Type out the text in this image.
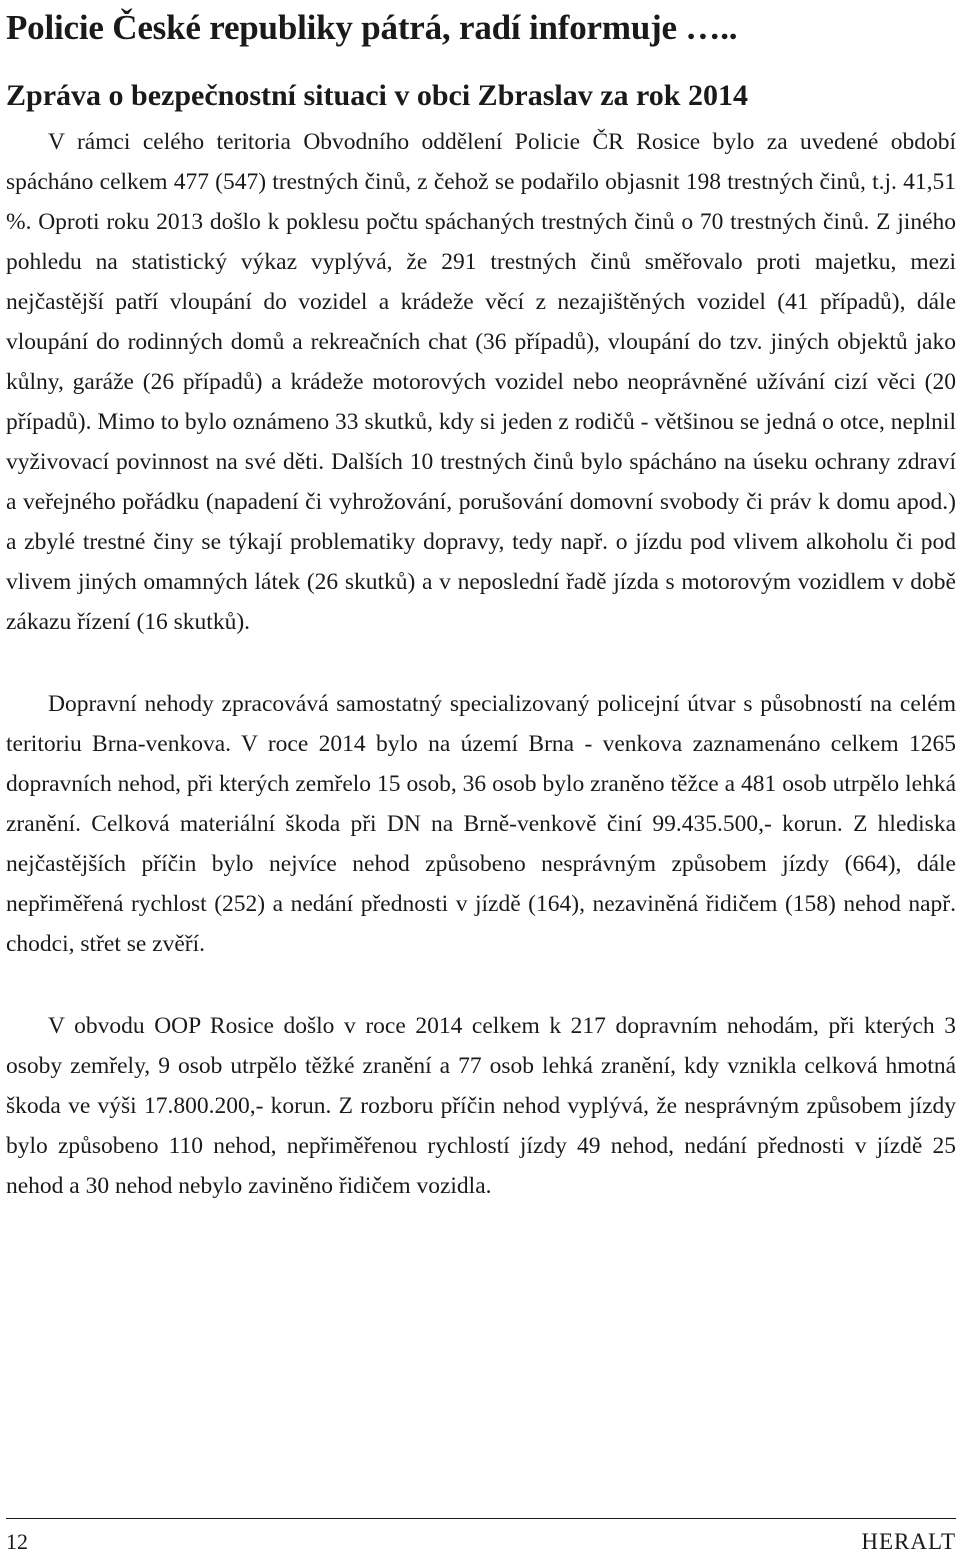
Policie České republiky pátrá, radí informuje …..
Zpráva o bezpečnostní situaci v obci Zbraslav za rok 2014

V rámci celého teritoria Obvodního oddělení Policie ČR Rosice bylo za uvedené období spácháno celkem 477 (547) trestných činů, z čehož se podařilo objasnit 198 trestných činů, t.j. 41,51 %. Oproti roku 2013 došlo k poklesu počtu spáchaných trestných činů o 70 trestných činů. Z jiného pohledu na statistický výkaz vyplývá, že 291 trestných činů směřovalo proti majetku, mezi nejčastější patří vloupání do vozidel a krádeže věcí z nezajištěných vozidel (41 případů), dále vloupání do rodinných domů a rekreačních chat (36 případů), vloupání do tzv. jiných objektů jako kůlny, garáže (26 případů) a krádeže motorových vozidel nebo neoprávněné užívání cizí věci (20 případů). Mimo to bylo oznámeno 33 skutků, kdy si jeden z rodičů - většinou se jedná o otce, neplnil vyživovací povinnost na své děti. Dalších 10 trestných činů bylo spácháno na úseku ochrany zdraví a veřejného pořádku (napadení či vyhrožování, porušování domovní svobody či práv k domu apod.) a zbylé trestné činy se týkají problematiky dopravy, tedy např. o jízdu pod vlivem alkoholu či pod vlivem jiných omamných látek (26 skutků) a v neposlední řadě jízda s motorovým vozidlem v době zákazu řízení (16 skutků).

Dopravní nehody zpracovává samostatný specializovaný policejní útvar s působností na celém teritoriu Brna-venkova. V roce 2014 bylo na území Brna - venkova zaznamenáno celkem 1265 dopravních nehod, při kterých zemřelo 15 osob, 36 osob bylo zraněno těžce a 481 osob utrpělo lehká zranění. Celková materiální škoda při DN na Brně-venkově činí 99.435.500,- korun. Z hlediska nejčastějších příčin bylo nejvíce nehod způsobeno nesprávným způsobem jízdy (664), dále nepřiměřená rychlost (252) a nedání přednosti v jízdě (164), nezaviněná řidičem (158) nehod např. chodci, střet se zvěří.

V obvodu OOP Rosice došlo v roce 2014 celkem k 217 dopravním nehodám, při kterých 3 osoby zemřely, 9 osob utrpělo těžké zranění a 77 osob lehká zranění, kdy vznikla celková hmotná škoda ve výši 17.800.200,- korun. Z rozboru příčin nehod vyplývá, že nesprávným způsobem jízdy bylo způsobeno 110 nehod, nepřiměřenou rychlostí jízdy 49 nehod, nedání přednosti v jízdě 25 nehod a 30 nehod nebylo zaviněno řidičem vozidla.

12	HERALT
